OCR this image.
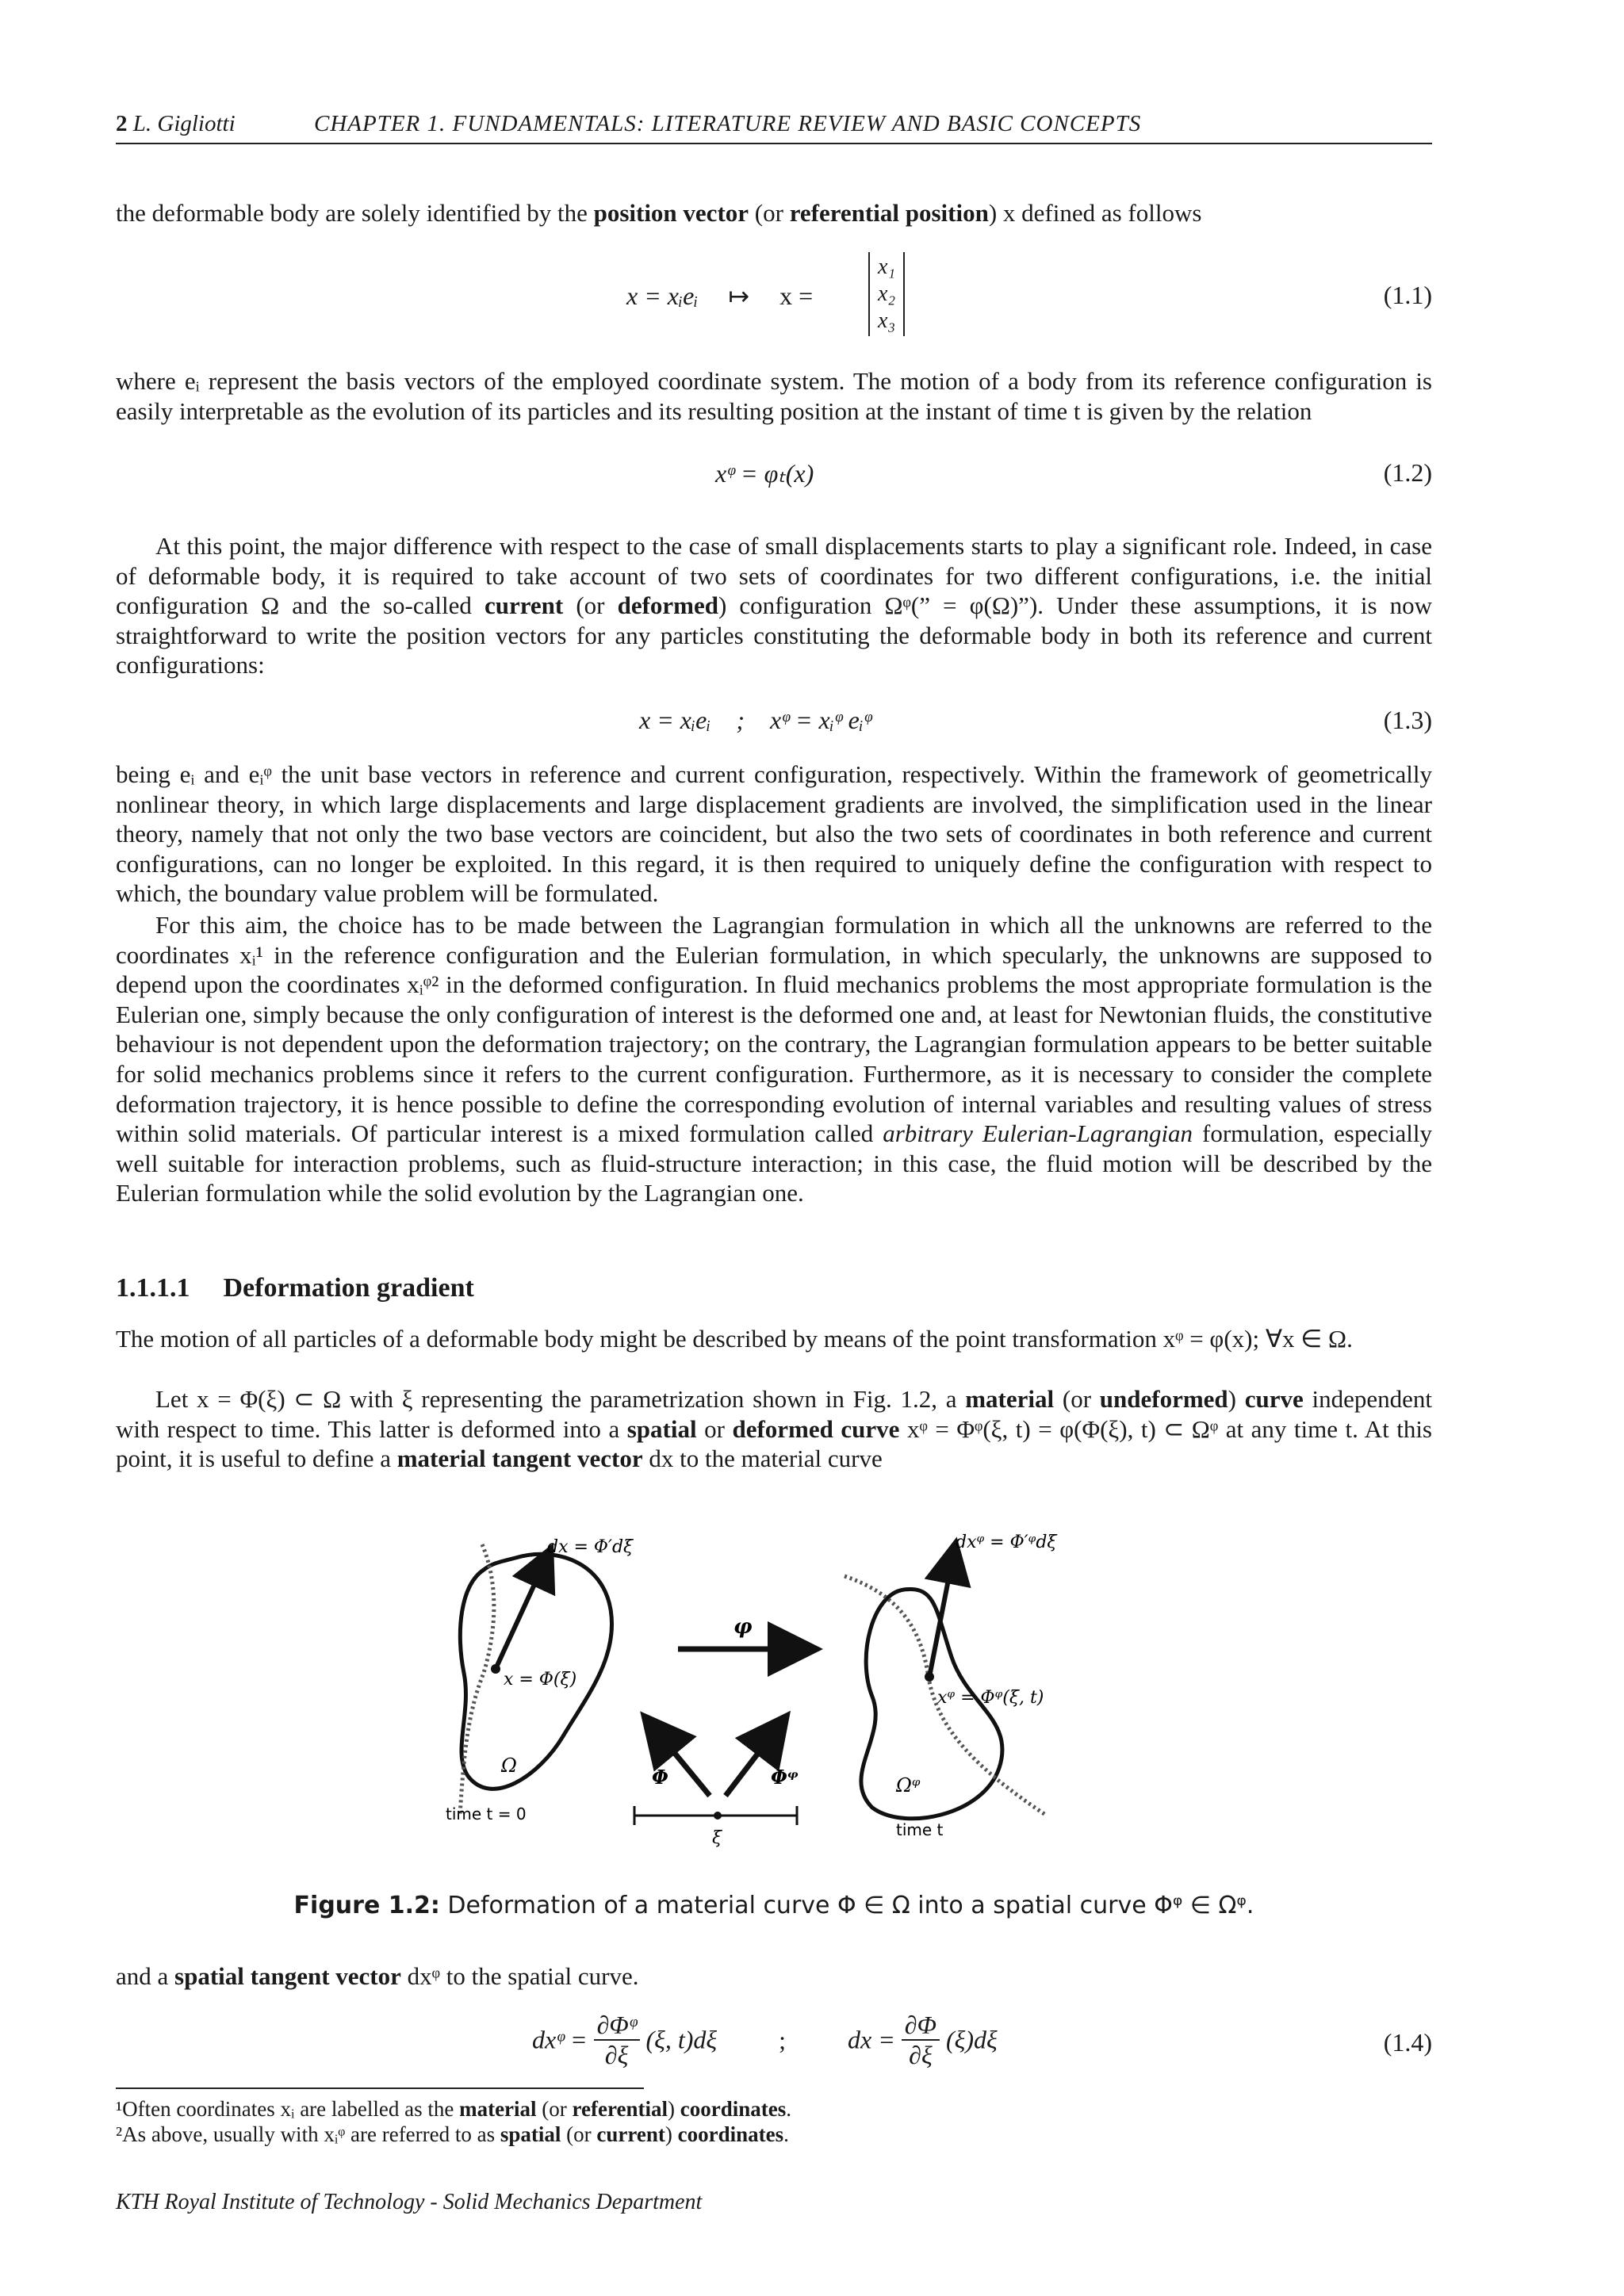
2 L. Gigliotti	CHAPTER 1. FUNDAMENTALS: LITERATURE REVIEW AND BASIC CONCEPTS
the deformable body are solely identified by the position vector (or referential position) x defined as follows
x = xᵢeᵢ ↦ x =
x₁
x₂
x₃
(1.1)
where eᵢ represent the basis vectors of the employed coordinate system. The motion of a body from its reference configuration is easily interpretable as the evolution of its particles and its resulting position at the instant of time t is given by the relation
xᵠ = φₜ(x)	(1.2)
At this point, the major difference with respect to the case of small displacements starts to play a significant role. Indeed, in case of deformable body, it is required to take account of two sets of coordinates for two different configurations, i.e. the initial configuration Ω and the so-called current (or deformed) configuration Ωᵠ(” = φ(Ω)”). Under these assumptions, it is now straightforward to write the position vectors for any particles constituting the deformable body in both its reference and current configurations:
x = xᵢeᵢ    ;    xᵠ = xᵢᵠ eᵢᵠ	(1.3)
being eᵢ and eᵢᵠ the unit base vectors in reference and current configuration, respectively. Within the framework of geometrically nonlinear theory, in which large displacements and large displacement gradients are involved, the simplification used in the linear theory, namely that not only the two base vectors are coincident, but also the two sets of coordinates in both reference and current configurations, can no longer be exploited. In this regard, it is then required to uniquely define the configuration with respect to which, the boundary value problem will be formulated.
For this aim, the choice has to be made between the Lagrangian formulation in which all the unknowns are referred to the coordinates xᵢ¹ in the reference configuration and the Eulerian formulation, in which specularly, the unknowns are supposed to depend upon the coordinates xᵢᵠ² in the deformed configuration. In fluid mechanics problems the most appropriate formulation is the Eulerian one, simply because the only configuration of interest is the deformed one and, at least for Newtonian fluids, the constitutive behaviour is not dependent upon the deformation trajectory; on the contrary, the Lagrangian formulation appears to be better suitable for solid mechanics problems since it refers to the current configuration. Furthermore, as it is necessary to consider the complete deformation trajectory, it is hence possible to define the corresponding evolution of internal variables and resulting values of stress within solid materials. Of particular interest is a mixed formulation called arbitrary Eulerian-Lagrangian formulation, especially well suitable for interaction problems, such as fluid-structure interaction; in this case, the fluid motion will be described by the Eulerian formulation while the solid evolution by the Lagrangian one.
1.1.1.1 Deformation gradient
The motion of all particles of a deformable body might be described by means of the point transformation xᵠ = φ(x); ∀x ∈ Ω.
Let x = Φ(ξ) ⊂ Ω with ξ representing the parametrization shown in Fig. 1.2, a material (or undeformed) curve independent with respect to time. This latter is deformed into a spatial or deformed curve xᵠ = Φᵠ(ξ, t) = φ(Φ(ξ), t) ⊂ Ωᵠ at any time t. At this point, it is useful to define a material tangent vector dx to the material curve
dx = Φ′dξ
x = Φ(ξ)
Ω
time t = 0
φ
Φ	Φᵠ
ξ
dxᵠ = Φ′ᵠdξ
xᵠ = Φᵠ(ξ, t)
Ωᵠ
time t
Figure 1.2: Deformation of a material curve Φ ∈ Ω into a spatial curve Φᵠ ∈ Ωᵠ.
and a spatial tangent vector dxᵠ to the spatial curve.
dxᵠ = $\frac{\text{∂Φᵠ}}{\partial\xi} (\xi$, t)dξ ; dx = $\frac{\partial\Phi}{\partial\xi} (\xi)d\xi$	(1.4)
¹Often coordinates xᵢ are labelled as the material (or referential) coordinates.
²As above, usually with xᵢᵠ are referred to as spatial (or current) coordinates.
KTH Royal Institute of Technology - Solid Mechanics Department
